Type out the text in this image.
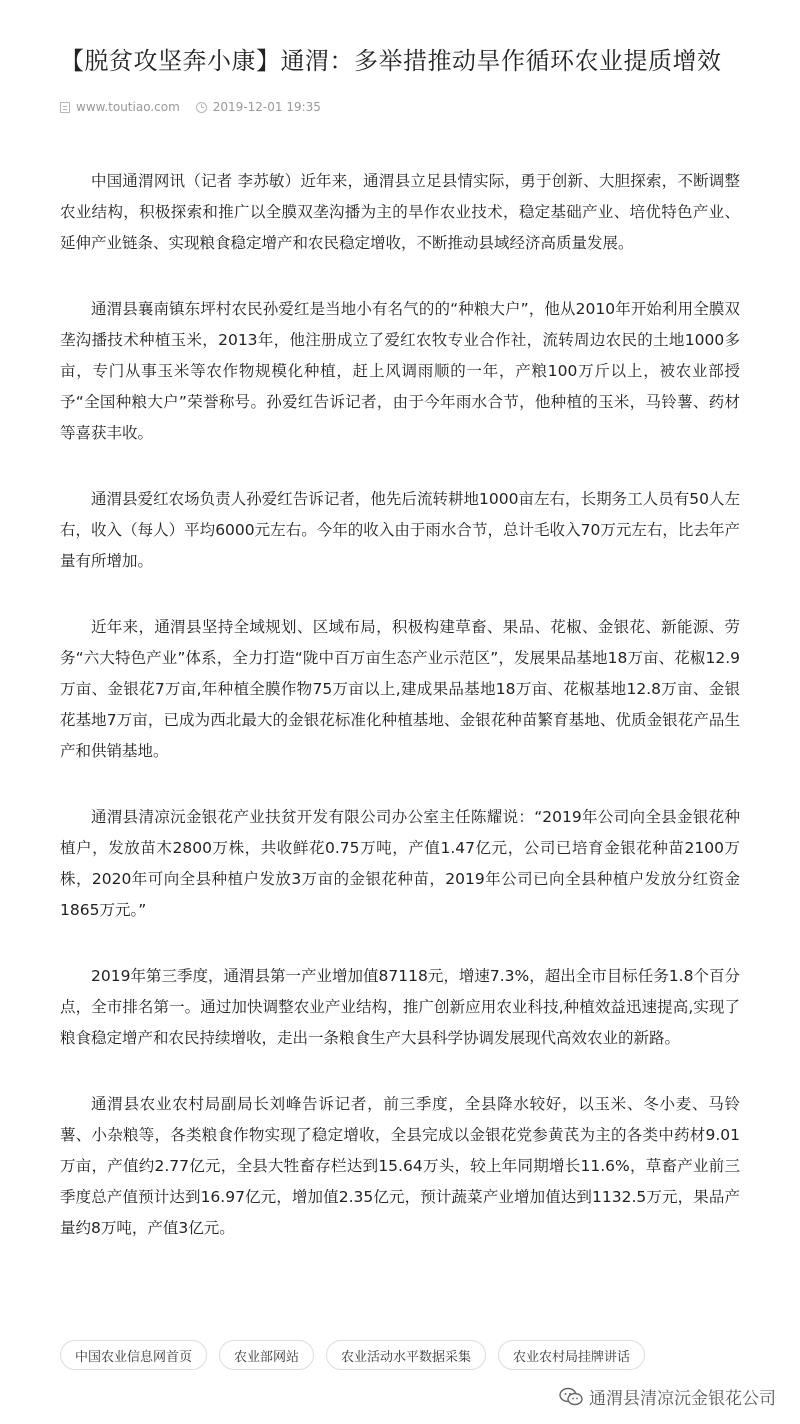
【脱贫攻坚奔小康】通渭：多举措推动旱作循环农业提质增效
www.toutiao.com	2019-12-01 19:35

中国通渭网讯（记者 李苏敏）近年来，通渭县立足县情实际，勇于创新、大胆探索，不断调整农业结构，积极探索和推广以全膜双垄沟播为主的旱作农业技术，稳定基础产业、培优特色产业、延伸产业链条、实现粮食稳定增产和农民稳定增收，不断推动县域经济高质量发展。

通渭县襄南镇东坪村农民孙爱红是当地小有名气的的“种粮大户”，他从2010年开始利用全膜双垄沟播技术种植玉米，2013年，他注册成立了爱红农牧专业合作社，流转周边农民的土地1000多亩，专门从事玉米等农作物规模化种植，赶上风调雨顺的一年，产粮100万斤以上，被农业部授予“全国种粮大户”荣誉称号。孙爱红告诉记者，由于今年雨水合节，他种植的玉米，马铃薯、药材等喜获丰收。

通渭县爱红农场负责人孙爱红告诉记者，他先后流转耕地1000亩左右，长期务工人员有50人左右，收入（每人）平均6000元左右。今年的收入由于雨水合节，总计毛收入70万元左右，比去年产量有所增加。

近年来，通渭县坚持全域规划、区域布局，积极构建草畜、果品、花椒、金银花、新能源、劳务“六大特色产业”体系，全力打造“陇中百万亩生态产业示范区”，发展果品基地18万亩、花椒12.9万亩、金银花7万亩,年种植全膜作物75万亩以上,建成果品基地18万亩、花椒基地12.8万亩、金银花基地7万亩，已成为西北最大的金银花标准化种植基地、金银花种苗繁育基地、优质金银花产品生产和供销基地。

通渭县清凉沅金银花产业扶贫开发有限公司办公室主任陈耀说：“2019年公司向全县金银花种植户，发放苗木2800万株，共收鲜花0.75万吨，产值1.47亿元，公司已培育金银花种苗2100万株，2020年可向全县种植户发放3万亩的金银花种苗，2019年公司已向全县种植户发放分红资金1865万元。”

2019年第三季度，通渭县第一产业增加值87118元，增速7.3%，超出全市目标任务1.8个百分点，全市排名第一。通过加快调整农业产业结构，推广创新应用农业科技,种植效益迅速提高,实现了粮食稳定增产和农民持续增收，走出一条粮食生产大县科学协调发展现代高效农业的新路。

通渭县农业农村局副局长刘峰告诉记者，前三季度，全县降水较好，以玉米、冬小麦、马铃薯、小杂粮等，各类粮食作物实现了稳定增收，全县完成以金银花党参黄芪为主的各类中药材9.01万亩，产值约2.77亿元，全县大牲畜存栏达到15.64万头，较上年同期增长11.6%，草畜产业前三季度总产值预计达到16.97亿元，增加值2.35亿元，预计蔬菜产业增加值达到1132.5万元，果品产量约8万吨，产值3亿元。

中国农业信息网首页	农业部网站	农业活动水平数据采集	农业农村局挂牌讲话
通渭县清凉沅金银花公司
